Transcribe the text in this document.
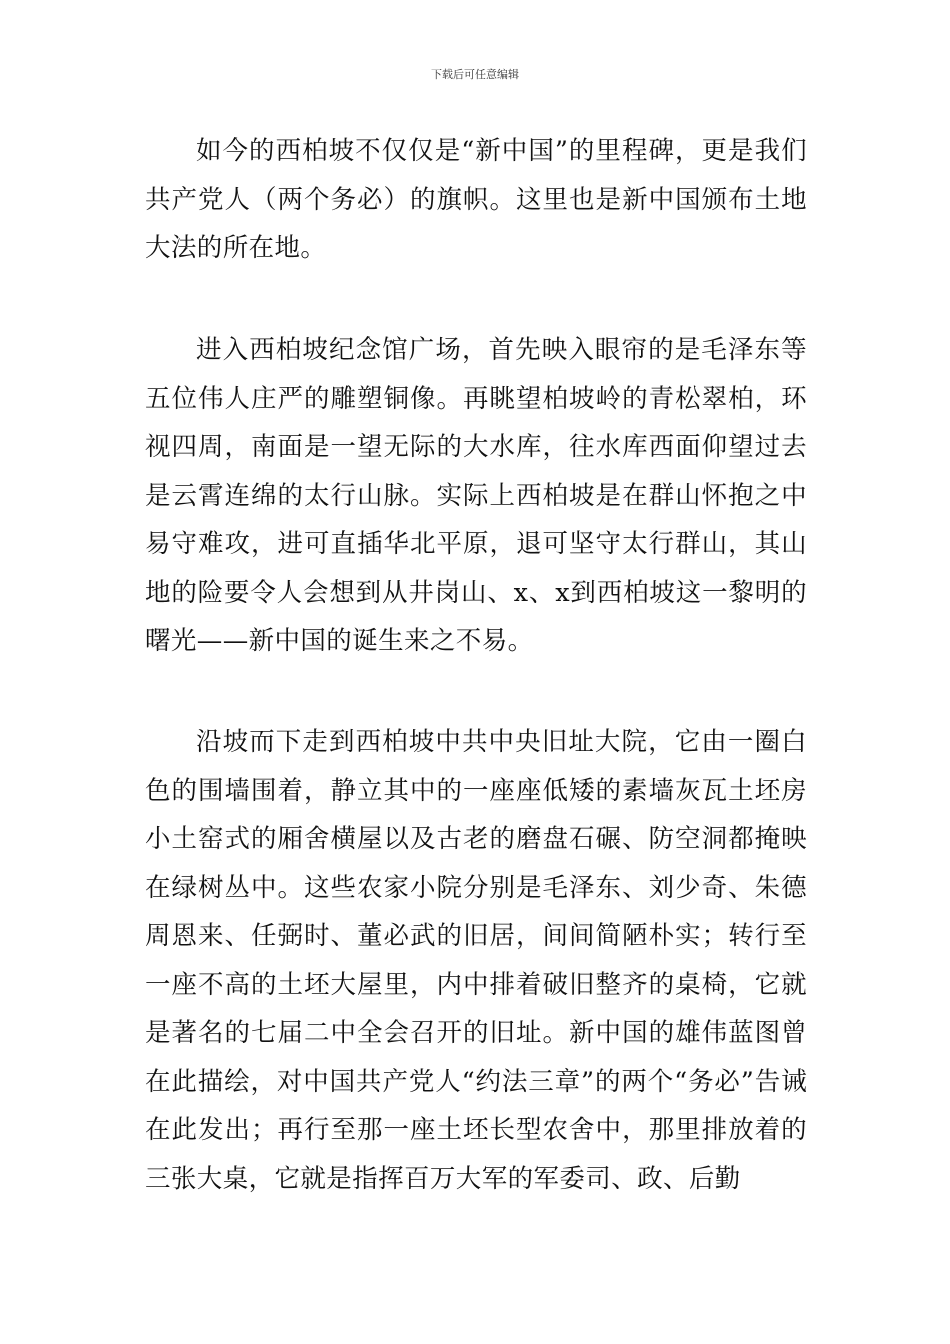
下载后可任意编辑

如今的西柏坡不仅仅是“新中国”的里程碑，更是我们共产党人（两个务必）的旗帜。这里也是新中国颁布土地大法的所在地。

进入西柏坡纪念馆广场，首先映入眼帘的是毛泽东等五位伟人庄严的雕塑铜像。再眺望柏坡岭的青松翠柏，环视四周，南面是一望无际的大水库，往水库西面仰望过去是云霄连绵的太行山脉。实际上西柏坡是在群山怀抱之中易守难攻，进可直插华北平原，退可坚守太行群山，其山地的险要令人会想到从井岗山、x、x到西柏坡这一黎明的曙光——新中国的诞生来之不易。

沿坡而下走到西柏坡中共中央旧址大院，它由一圈白色的围墙围着，静立其中的一座座低矮的素墙灰瓦土坯房小土窑式的厢舍横屋以及古老的磨盘石碾、防空洞都掩映在绿树丛中。这些农家小院分别是毛泽东、刘少奇、朱德周恩来、任弼时、董必武的旧居，间间简陋朴实；转行至一座不高的土坯大屋里，内中排着破旧整齐的桌椅，它就是著名的七届二中全会召开的旧址。新中国的雄伟蓝图曾在此描绘，对中国共产党人“约法三章”的两个“务必”告诫在此发出；再行至那一座土坯长型农舍中，那里排放着的三张大桌，它就是指挥百万大军的军委司、政、后勤
